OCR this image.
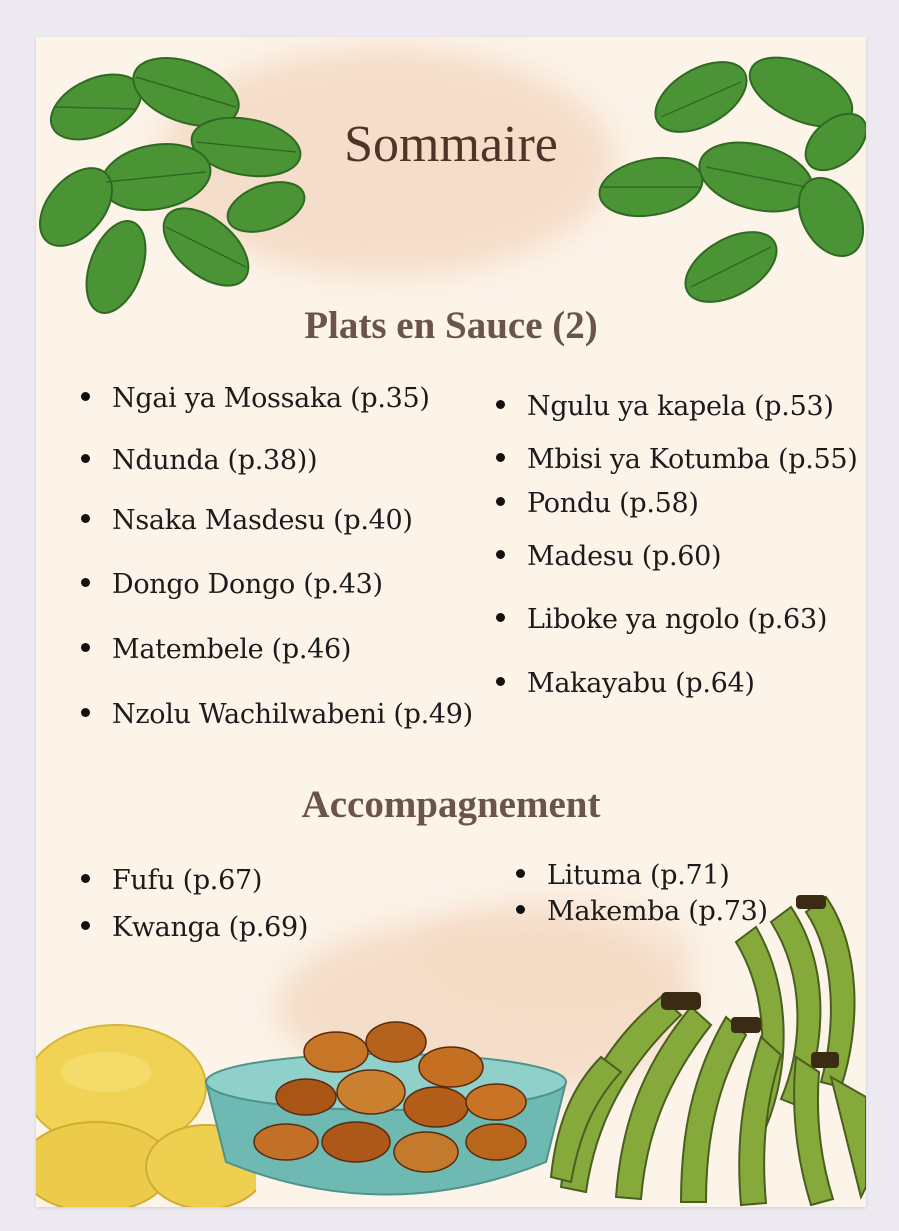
Sommaire
Plats en Sauce (2)
Ngai ya Mossaka (p.35)
Ndunda (p.38))
Nsaka Masdesu (p.40)
Dongo Dongo (p.43)
Matembele (p.46)
Nzolu Wachilwabeni (p.49)
Ngulu ya kapela (p.53)
Mbisi ya Kotumba (p.55)
Pondu (p.58)
Madesu (p.60)
Liboke ya ngolo (p.63)
Makayabu (p.64)
Accompagnement
Fufu (p.67)
Kwanga (p.69)
Lituma (p.71)
Makemba (p.73)
